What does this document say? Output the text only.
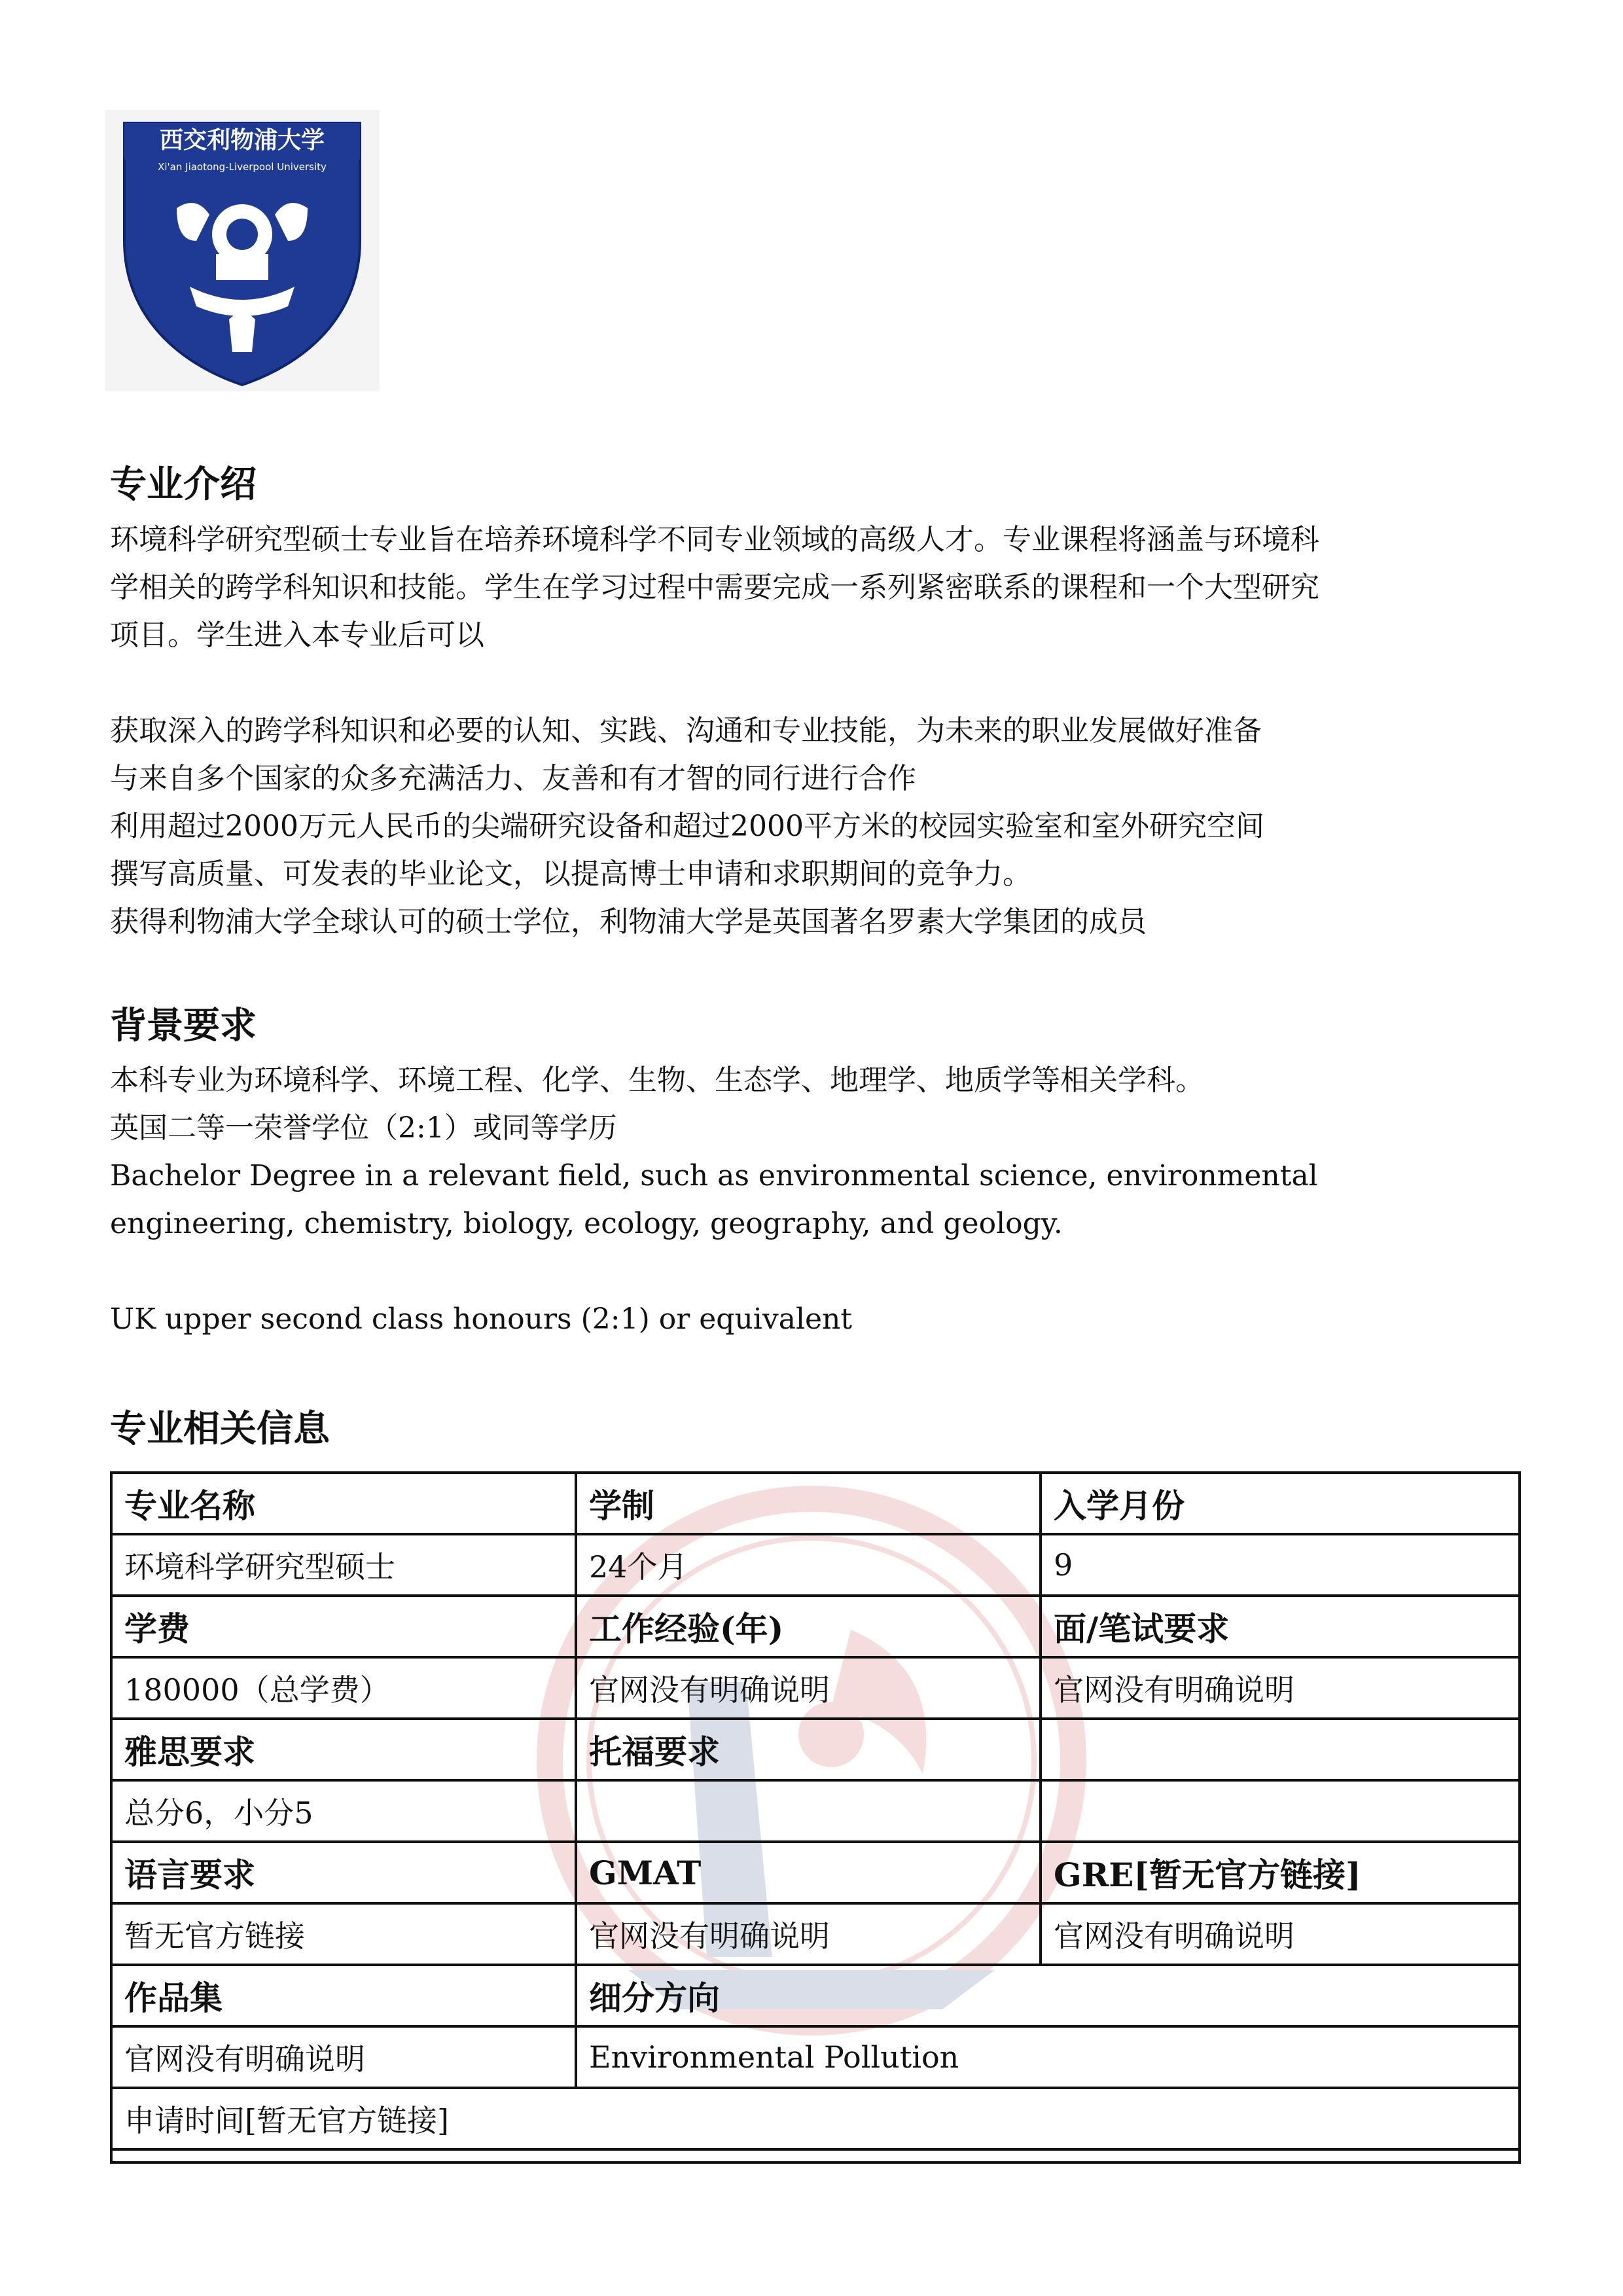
西交利物浦大学
Xi'an Jiaotong-Liverpool University
专业介绍
环境科学研究型硕士专业旨在培养环境科学不同专业领域的高级人才。专业课程将涵盖与环境科
学相关的跨学科知识和技能。学生在学习过程中需要完成一系列紧密联系的课程和一个大型研究
项目。学生进入本专业后可以
获取深入的跨学科知识和必要的认知、实践、沟通和专业技能，为未来的职业发展做好准备
与来自多个国家的众多充满活力、友善和有才智的同行进行合作
利用超过2000万元人民币的尖端研究设备和超过2000平方米的校园实验室和室外研究空间
撰写高质量、可发表的毕业论文，以提高博士申请和求职期间的竞争力。
获得利物浦大学全球认可的硕士学位，利物浦大学是英国著名罗素大学集团的成员
背景要求
本科专业为环境科学、环境工程、化学、生物、生态学、地理学、地质学等相关学科。
英国二等一荣誉学位（2:1）或同等学历
Bachelor Degree in a relevant field, such as environmental science, environmental
engineering, chemistry, biology, ecology, geography, and geology.
UK upper second class honours (2:1) or equivalent
专业相关信息
专业名称	学制	入学月份
环境科学研究型硕士	24个月	9
学费	工作经验(年)	面/笔试要求
180000（总学费）	官网没有明确说明	官网没有明确说明
雅思要求	托福要求	
总分6，小分5		
语言要求	GMAT	GRE[暂无官方链接]
暂无官方链接	官网没有明确说明	官网没有明确说明
作品集	细分方向	
官网没有明确说明	Environmental Pollution	
申请时间[暂无官方链接]		
